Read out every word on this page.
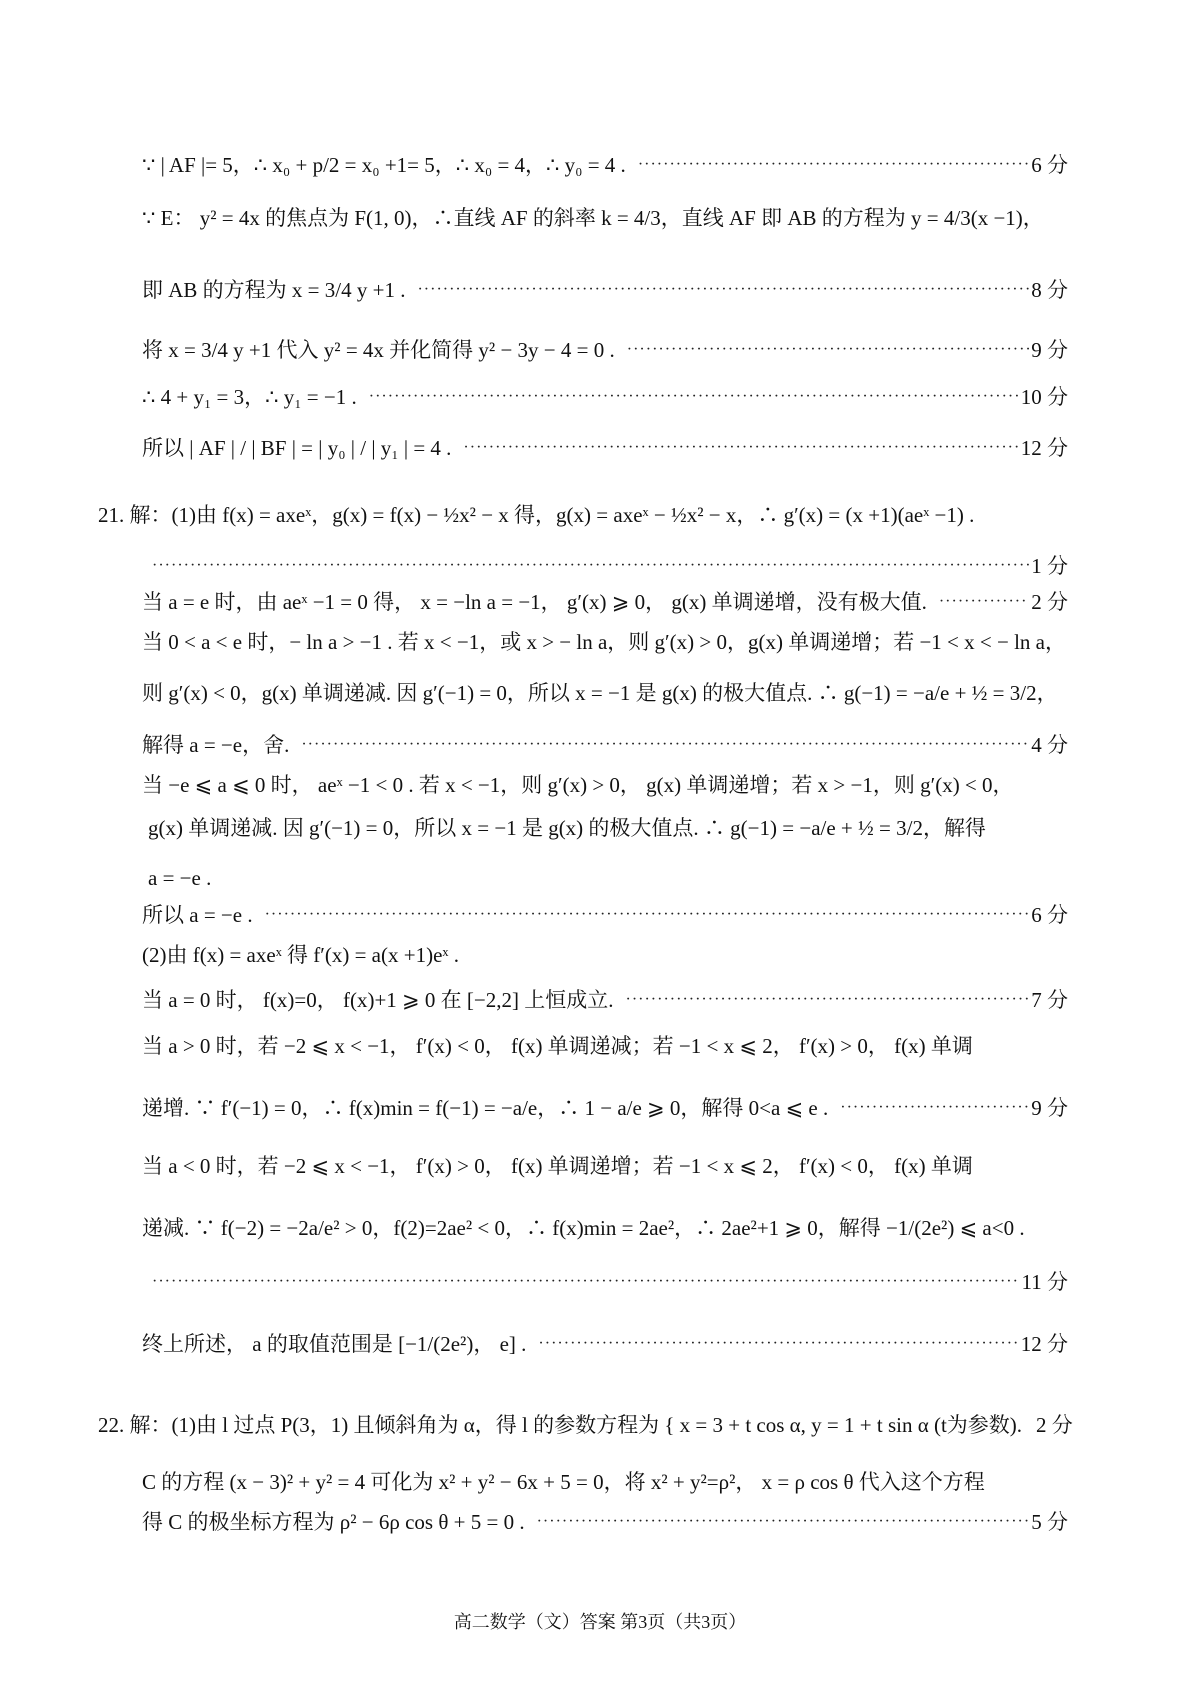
∵ | AF |= 5，∴ x₀ + p/2 = x₀ +1= 5，∴ x₀ = 4，∴ y₀ = 4 . ·····	6 分
∵ E： y² = 4x 的焦点为 F(1, 0)，∴直线 AF 的斜率 k = 4/3，直线 AF 即 AB 的方程为 y = 4/3(x −1)，
即 AB 的方程为 x = 3/4 y +1 . ·····	8 分
将 x = 3/4 y +1 代入 y² = 4x 并化简得 y² − 3y − 4 = 0 . ·····	9 分
∴ 4 + y₁ = 3，∴ y₁ = −1 . ·····	10 分
所以 | AF | / | BF | = | y₀ | / | y₁ | = 4 . ·····	12 分
21. 解：(1)由 f(x) = axeˣ，g(x) = f(x) − ½x² − x 得，g(x) = axeˣ − ½x² − x，∴ g′(x) = (x +1)(aeˣ −1) .
·····
1 分
当 a = e 时，由 aeˣ −1 = 0 得， x = −ln a = −1， g′(x) ⩾ 0， g(x) 单调递增，没有极大值. ·····	2 分
当 0 < a < e 时，− ln a > −1 . 若 x < −1，或 x > − ln a，则 g′(x) > 0，g(x) 单调递增；若 −1 < x < − ln a，
则 g′(x) < 0，g(x) 单调递减. 因 g′(−1) = 0，所以 x = −1 是 g(x) 的极大值点. ∴ g(−1) = −a/e + ½ = 3/2，
解得 a = −e，舍. ·····	4 分
当 −e ⩽ a ⩽ 0 时， aeˣ −1 < 0 . 若 x < −1，则 g′(x) > 0， g(x) 单调递增；若 x > −1，则 g′(x) < 0，
g(x) 单调递减. 因 g′(−1) = 0，所以 x = −1 是 g(x) 的极大值点. ∴ g(−1) = −a/e + ½ = 3/2，解得
a = −e .
所以 a = −e . ·····	6 分
(2)由 f(x) = axeˣ 得 f′(x) = a(x +1)eˣ .
当 a = 0 时， f(x)=0， f(x)+1 ⩾ 0 在 [−2,2] 上恒成立. ·····	7 分
当 a > 0 时，若 −2 ⩽ x < −1， f′(x) < 0， f(x) 单调递减；若 −1 < x ⩽ 2， f′(x) > 0， f(x) 单调
递增. ∵ f′(−1) = 0，∴ f(x)min = f(−1) = −a/e，∴ 1 − a/e ⩾ 0，解得 0<a ⩽ e . ·····	9 分
当 a < 0 时，若 −2 ⩽ x < −1， f′(x) > 0， f(x) 单调递增；若 −1 < x ⩽ 2， f′(x) < 0， f(x) 单调
递减. ∵ f(−2) = −2a/e² > 0，f(2)=2ae² < 0，∴ f(x)min = 2ae²，∴ 2ae²+1 ⩾ 0，解得 −1/(2e²) ⩽ a<0 .
·····
11 分
终上所述， a 的取值范围是 [−1/(2e²)， e] . ·····	12 分
22. 解：(1)由 l 过点 P(3，1) 且倾斜角为 α，得 l 的参数方程为 { x = 3 + t cos α, y = 1 + t sin α (t为参数). 2 分
C 的方程 (x − 3)² + y² = 4 可化为 x² + y² − 6x + 5 = 0，将 x² + y²=ρ²， x = ρ cos θ 代入这个方程
得 C 的极坐标方程为 ρ² − 6ρ cos θ + 5 = 0 . ·····	5 分
高二数学（文）答案 第3页（共3页）
